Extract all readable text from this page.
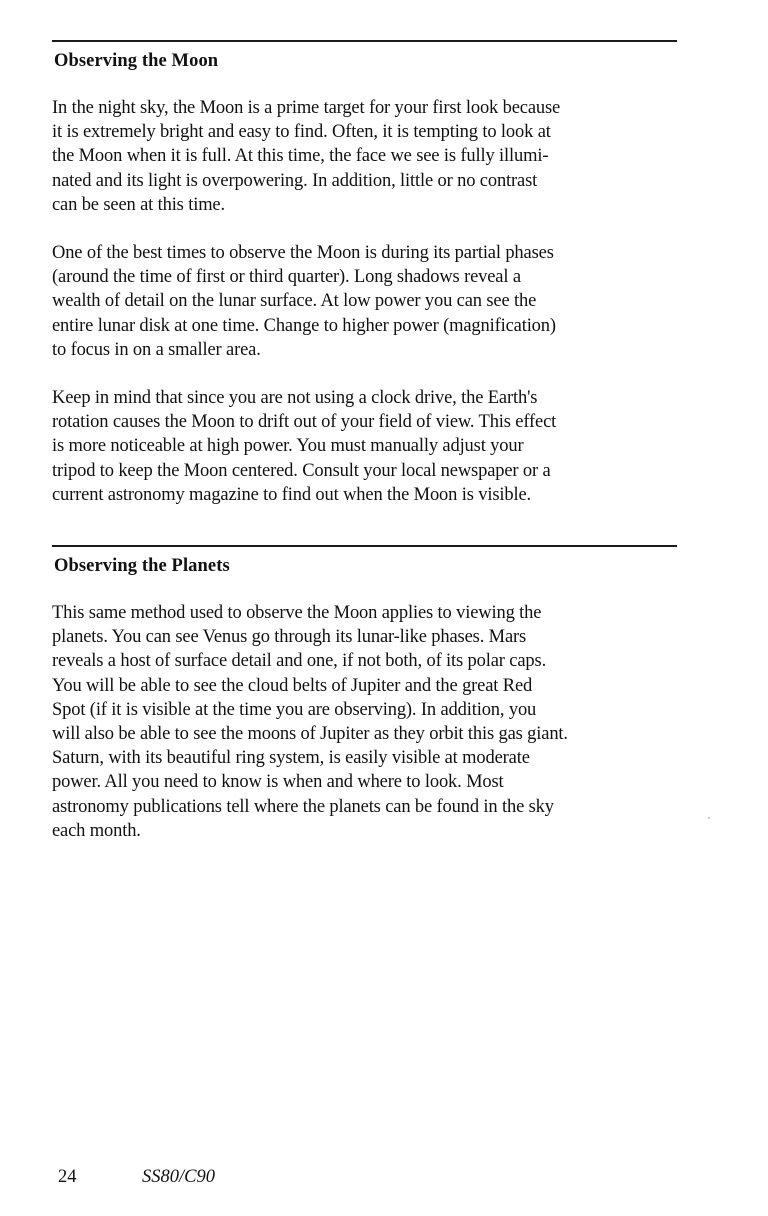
Observing the Moon

In the night sky, the Moon is a prime target for your first look because
it is extremely bright and easy to find. Often, it is tempting to look at
the Moon when it is full. At this time, the face we see is fully illumi-
nated and its light is overpowering. In addition, little or no contrast
can be seen at this time.

One of the best times to observe the Moon is during its partial phases
(around the time of first or third quarter). Long shadows reveal a
wealth of detail on the lunar surface. At low power you can see the
entire lunar disk at one time. Change to higher power (magnification)
to focus in on a smaller area.

Keep in mind that since you are not using a clock drive, the Earth's
rotation causes the Moon to drift out of your field of view. This effect
is more noticeable at high power. You must manually adjust your
tripod to keep the Moon centered. Consult your local newspaper or a
current astronomy magazine to find out when the Moon is visible.

Observing the Planets

This same method used to observe the Moon applies to viewing the
planets. You can see Venus go through its lunar-like phases. Mars
reveals a host of surface detail and one, if not both, of its polar caps.
You will be able to see the cloud belts of Jupiter and the great Red
Spot (if it is visible at the time you are observing). In addition, you
will also be able to see the moons of Jupiter as they orbit this gas giant.
Saturn, with its beautiful ring system, is easily visible at moderate
power. All you need to know is when and where to look. Most
astronomy publications tell where the planets can be found in the sky
each month.

24	SS80/C90
